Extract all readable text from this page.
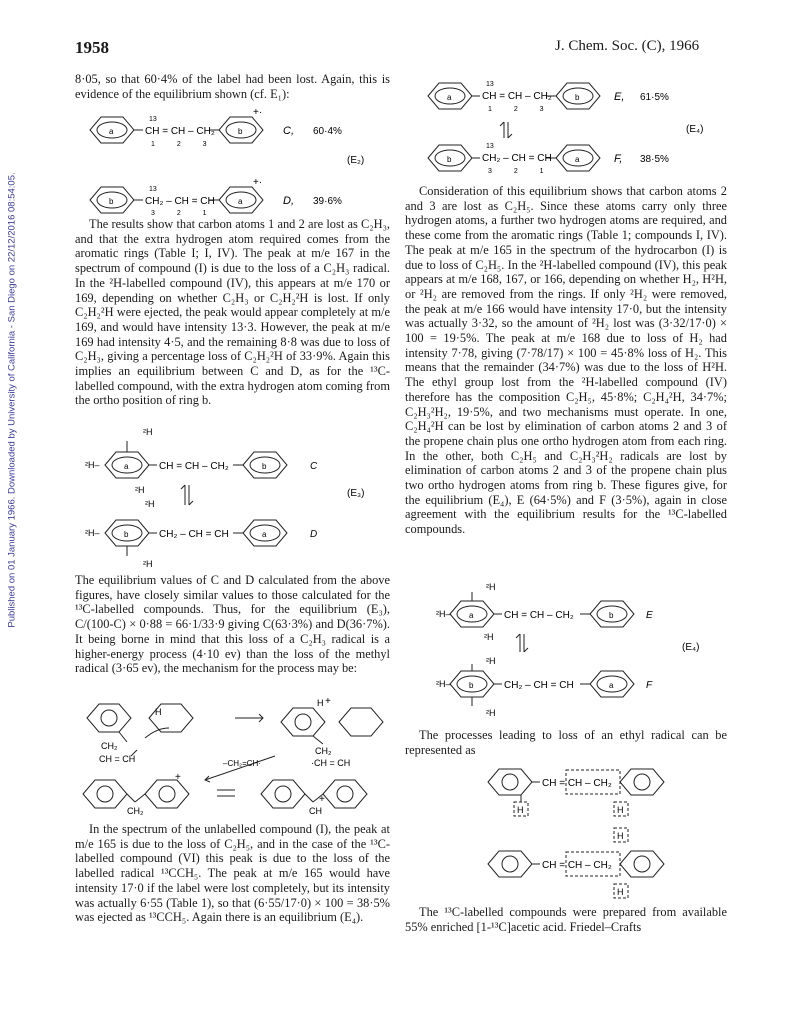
1958	J. Chem. Soc. (C), 1966
Published on 01 January 1966. Downloaded by University of California - San Diego on 22/12/2016 08:54:05.

8·05, so that 60·4% of the label had been lost. Again, this is evidence of the equilibrium shown (cf. E₁):

a	b
b	a
13
CH = CH – CH₂
1 2 3
+·
C, 60·4%
(E₂)
13
CH₂ – CH = CH
3 2 1
+·
D, 39·6%

The results show that carbon atoms 1 and 2 are lost as C₂H₃, and that the extra hydrogen atom required comes from the aromatic rings (Table I; I, IV). The peak at m/e 167 in the spectrum of compound (I) is due to the loss of a C₂H₃ radical. In the ²H-labelled compound (IV), this appears at m/e 170 or 169, depending on whether C₂H₃ or C₂H₂²H is lost. If only C₂H₂²H were ejected, the peak would appear completely at m/e 169, and would have intensity 13·3. However, the peak at m/e 169 had intensity 4·5, and the remaining 8·8 was due to loss of C₂H₃, giving a percentage loss of C₂H₂²H of 33·9%. Again this implies an equilibrium between C and D, as for the ¹³C-labelled compound, with the extra hydrogen atom coming from the ortho position of ring b.

²H
²H–	a	CH = CH – CH₂	b	C
²H
²H
(E₃)
²H–	b	CH₂ – CH = CH	a	D
²H

The equilibrium values of C and D calculated from the above figures, have closely similar values to those calculated for the ¹³C-labelled compounds. Thus, for the equilibrium (E₃), C/(100-C) × 0·88 = 66·1/33·9 giving C(63·3%) and D(36·7%). It being borne in mind that this loss of a C₂H₃ radical is a higher-energy process (4·10 ev) than the loss of the methyl radical (3·65 ev), the mechanism for the process may be:

H
CH₂
CH = CH
H +
CH₂
–CH₂=CH·	·CH = CH
+
CH₂
+
CH

In the spectrum of the unlabelled compound (I), the peak at m/e 165 is due to the loss of C₂H₅, and in the case of the ¹³C-labelled compound (VI) this peak is due to the loss of the labelled radical ¹³CCH₅. The peak at m/e 165 would have intensity 17·0 if the label were lost completely, but its intensity was actually 6·55 (Table 1), so that (6·55/17·0) × 100 = 38·5% was ejected as ¹³CCH₅. Again there is an equilibrium (E₄).

a	b
13
CH = CH – CH₂
1 2 3
E, 61·5%
(E₄)
b	a
13
CH₂ – CH = CH
3 2 1
F, 38·5%

Consideration of this equilibrium shows that carbon atoms 2 and 3 are lost as C₂H₅. Since these atoms carry only three hydrogen atoms, a further two hydrogen atoms are required, and these come from the aromatic rings (Table 1; compounds I, IV). The peak at m/e 165 in the spectrum of the hydrocarbon (I) is due to loss of C₂H₅. In the ²H-labelled compound (IV), this peak appears at m/e 168, 167, or 166, depending on whether H₂, H²H, or ²H₂ are removed from the rings. If only ²H₂ were removed, the peak at m/e 166 would have intensity 17·0, but the intensity was actually 3·32, so the amount of ²H₂ lost was (3·32/17·0) × 100 = 19·5%. The peak at m/e 168 due to loss of H₂ had intensity 7·78, giving (7·78/17) × 100 = 45·8% loss of H₂. This means that the remainder (34·7%) was due to the loss of H²H. The ethyl group lost from the ²H-labelled compound (IV) therefore has the composition C₂H₅, 45·8%; C₂H₄²H, 34·7%; C₂H₃²H₂, 19·5%, and two mechanisms must operate. In one, C₂H₄²H can be lost by elimination of carbon atoms 2 and 3 of the propene chain plus one ortho hydrogen atom from each ring. In the other, both C₂H₅ and C₂H₃²H₂ radicals are lost by elimination of carbon atoms 2 and 3 of the propene chain plus two ortho hydrogen atoms from ring b. These figures give, for the equilibrium (E₄), E (64·5%) and F (3·5%), again in close agreement with the equilibrium results for the ¹³C-labelled compounds.

²H
²H– a	CH = CH – CH₂	b	E
²H
(E₄)
²H
²H– b	CH₂ – CH = CH	a	F
²H

The processes leading to loss of an ethyl radical can be represented as

CH = CH – CH₂
H	H
H
CH = CH – CH₂
H

The ¹³C-labelled compounds were prepared from available 55% enriched [1-¹³C]acetic acid. Friedel–Crafts
